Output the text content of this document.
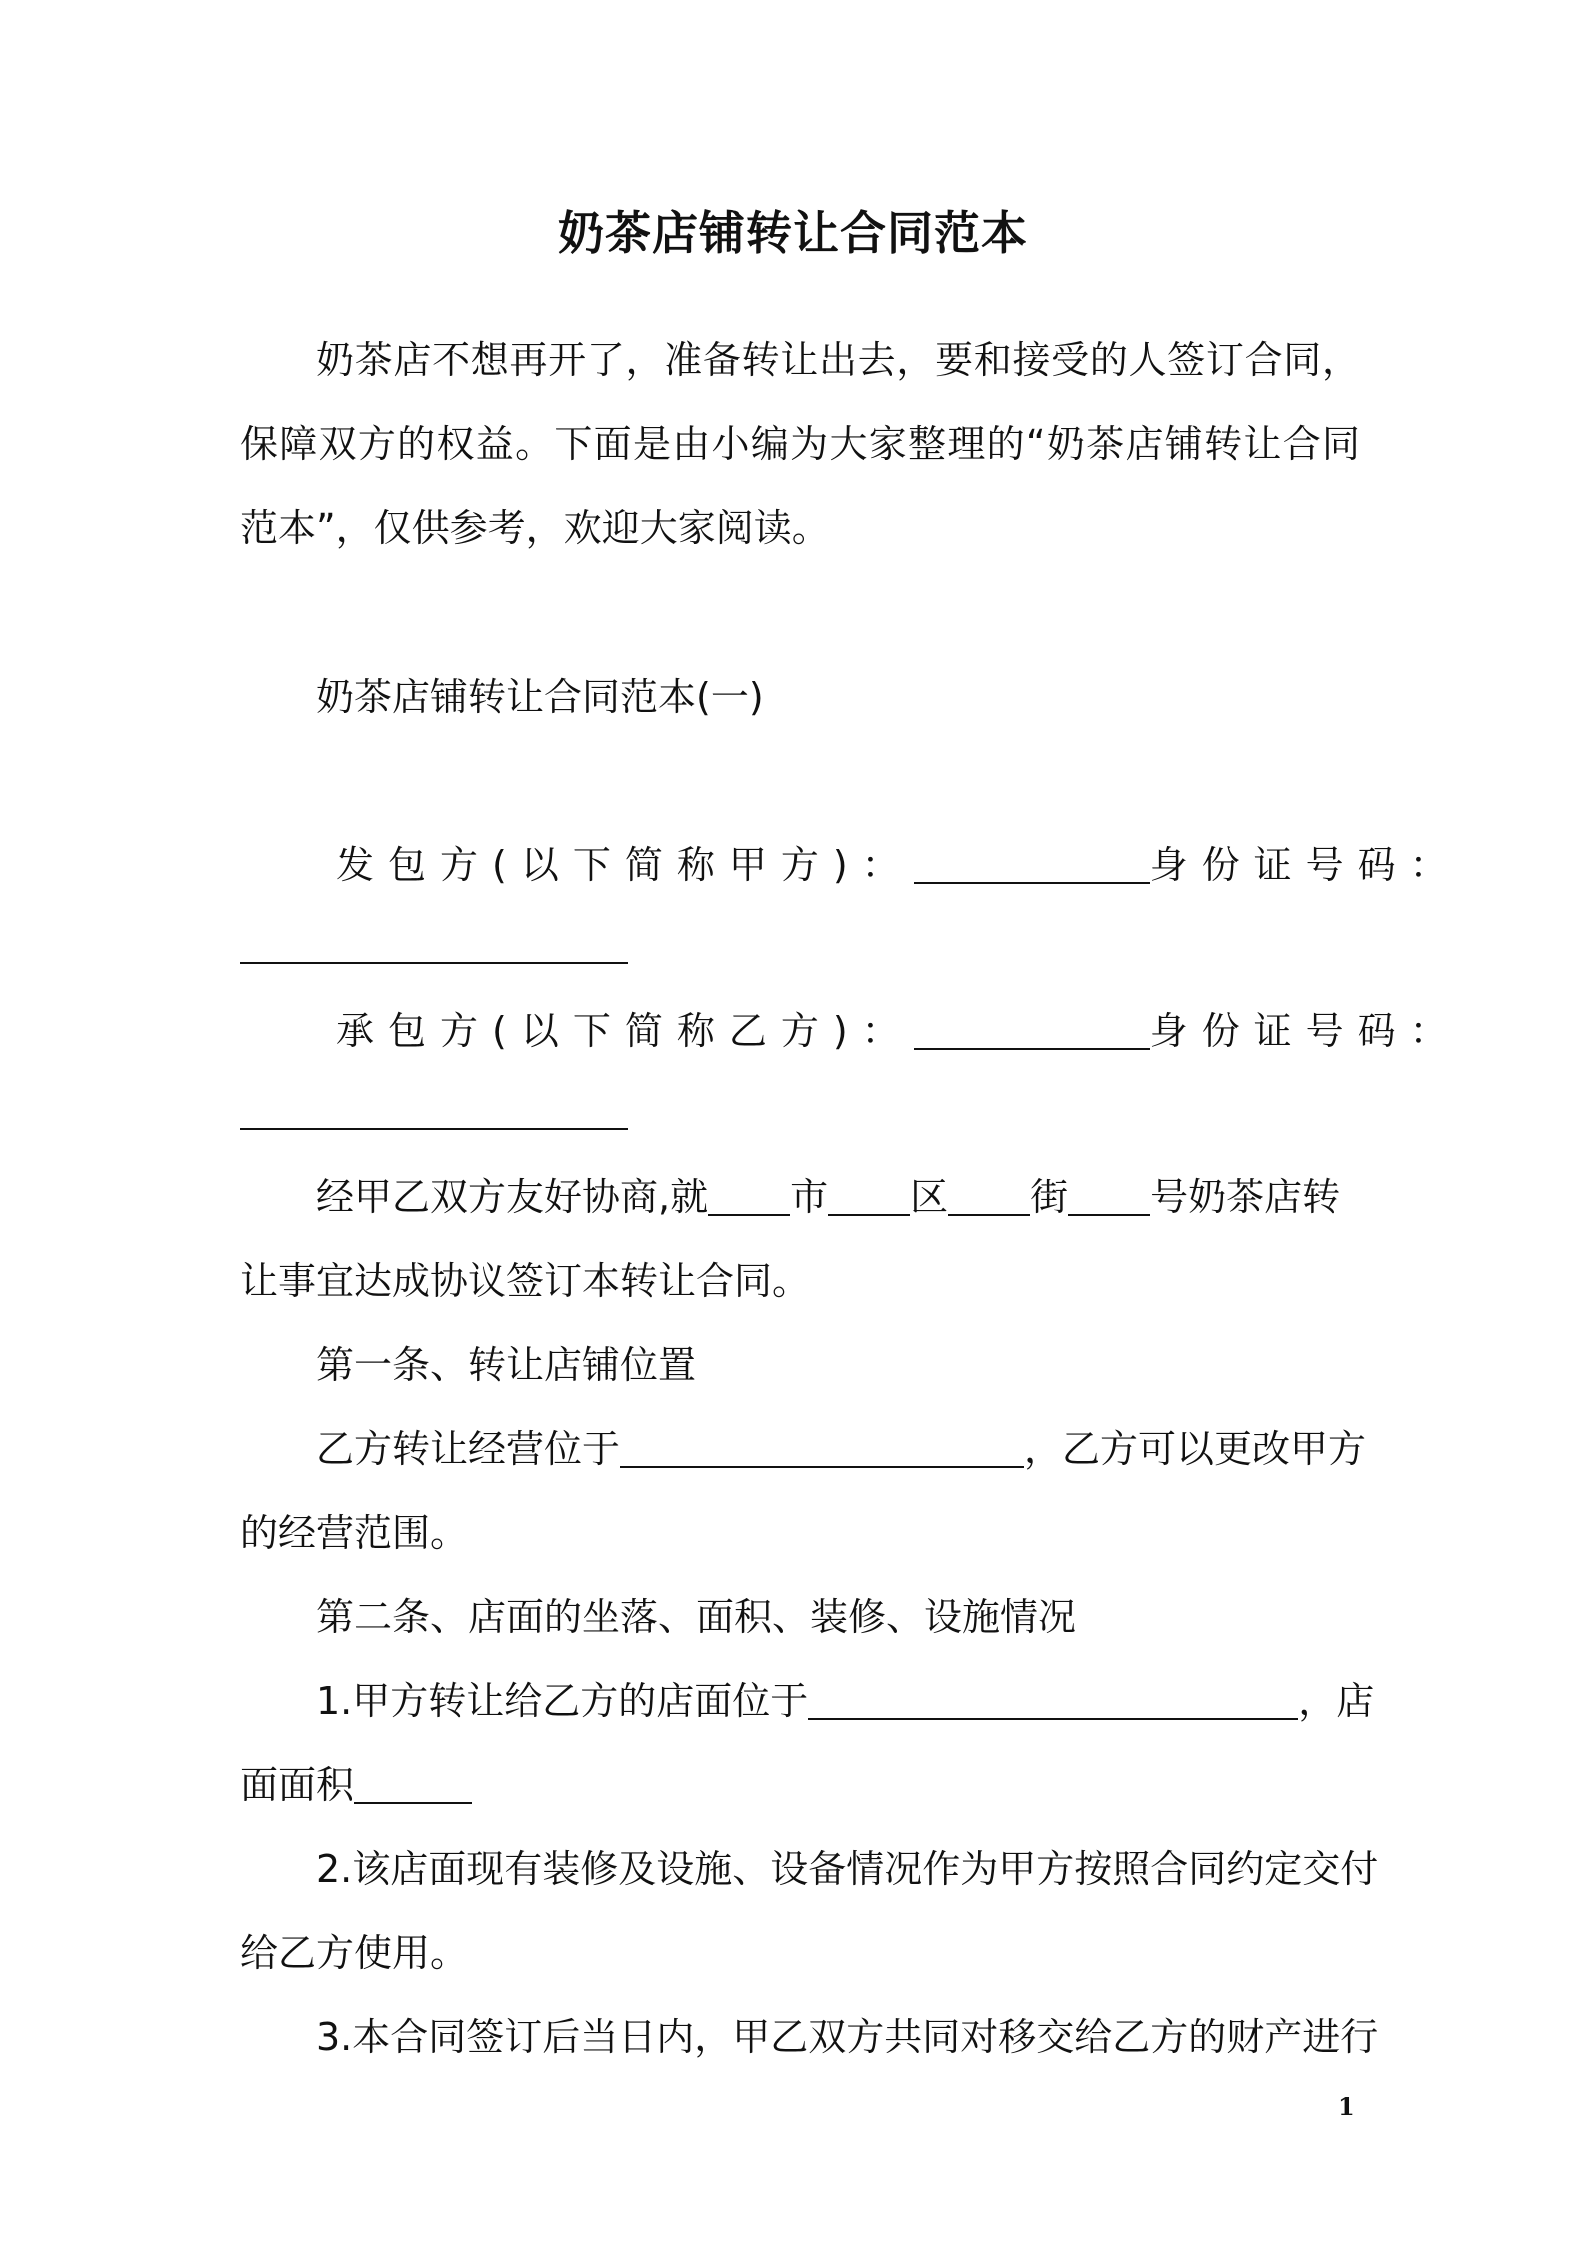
奶茶店铺转让合同范本

奶茶店不想再开了，准备转让出去，要和接受的人签订合同，保障双方的权益。下面是由小编为大家整理的“奶茶店铺转让合同范本”，仅供参考，欢迎大家阅读。

奶茶店铺转让合同范本(一)
发包方(以下简称甲方)：	身份证号码：
承包方(以下简称乙方)：	身份证号码：
经甲乙双方友好协商,就 市 区 街 号奶茶店转
让事宜达成协议签订本转让合同。
第一条、转让店铺位置
乙方转让经营位于	，乙方可以更改甲方
的经营范围。
第二条、店面的坐落、面积、装修、设施情况
1.甲方转让给乙方的店面位于	，店
面面积
2.该店面现有装修及设施、设备情况作为甲方按照合同约定交付
给乙方使用。
3.本合同签订后当日内，甲乙双方共同对移交给乙方的财产进行
1
